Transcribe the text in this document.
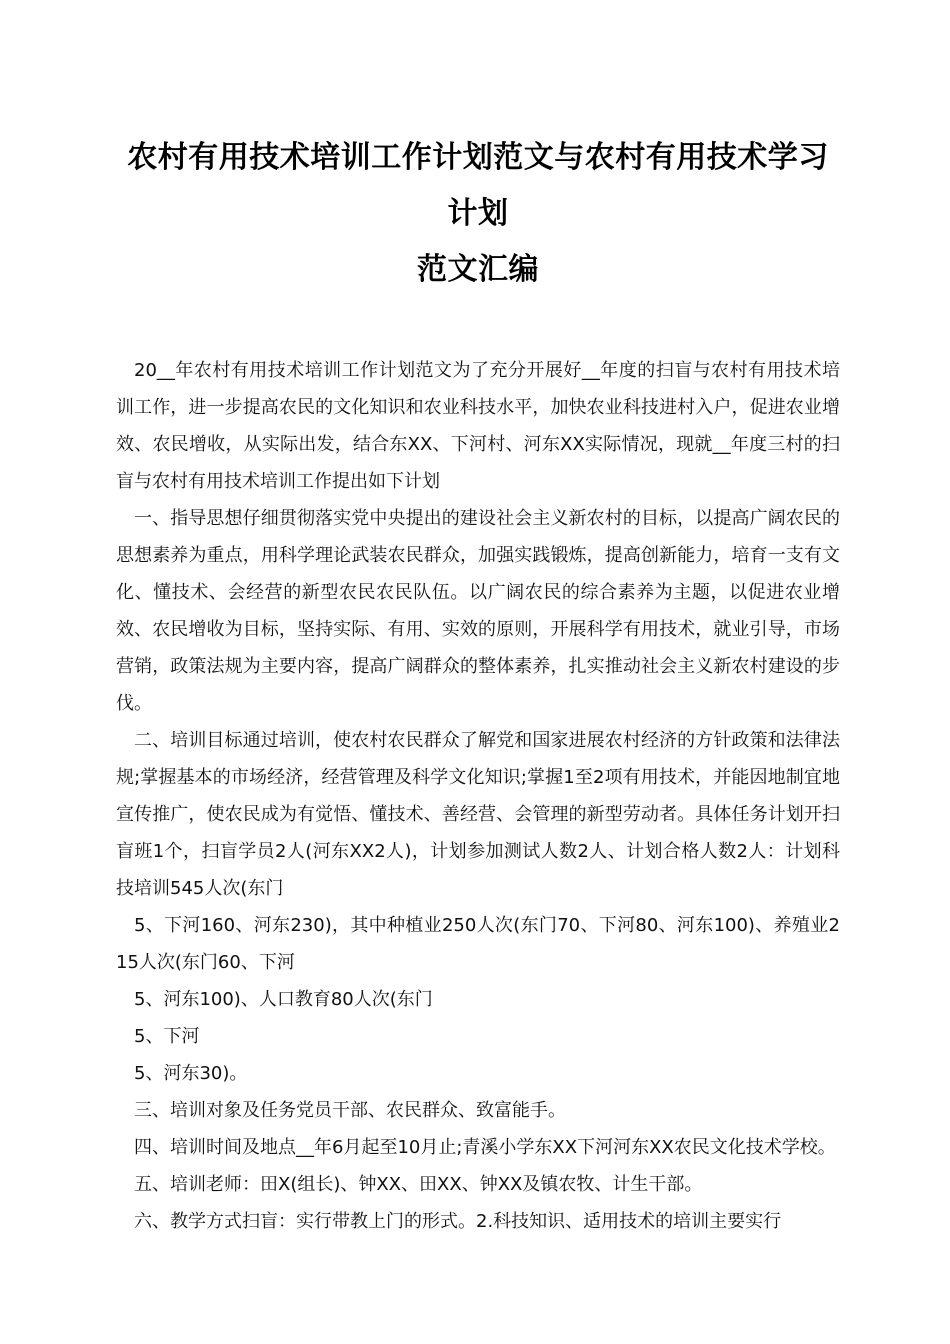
农村有用技术培训工作计划范文与农村有用技术学习计划
范文汇编

20__年农村有用技术培训工作计划范文为了充分开展好__年度的扫盲与农村有用技术培训工作，进一步提高农民的文化知识和农业科技水平，加快农业科技进村入户，促进农业增效、农民增收，从实际出发，结合东XX、下河村、河东XX实际情况，现就__年度三村的扫盲与农村有用技术培训工作提出如下计划

一、指导思想仔细贯彻落实党中央提出的建设社会主义新农村的目标，以提高广阔农民的思想素养为重点，用科学理论武装农民群众，加强实践锻炼，提高创新能力，培育一支有文化、懂技术、会经营的新型农民农民队伍。以广阔农民的综合素养为主题，以促进农业增效、农民增收为目标，坚持实际、有用、实效的原则，开展科学有用技术，就业引导，市场营销，政策法规为主要内容，提高广阔群众的整体素养，扎实推动社会主义新农村建设的步伐。

二、培训目标通过培训，使农村农民群众了解党和国家进展农村经济的方针政策和法律法规;掌握基本的市场经济，经营管理及科学文化知识;掌握1至2项有用技术，并能因地制宜地宣传推广，使农民成为有觉悟、懂技术、善经营、会管理的新型劳动者。具体任务计划开扫盲班1个，扫盲学员2人(河东XX2人)，计划参加测试人数2人、计划合格人数2人：计划科技培训545人次(东门

5、下河160、河东230)，其中种植业250人次(东门70、下河80、河东100)、养殖业215人次(东门60、下河

5、河东100)、人口教育80人次(东门

5、下河

5、河东30)。

三、培训对象及任务党员干部、农民群众、致富能手。

四、培训时间及地点__年6月起至10月止;青溪小学东XX下河河东XX农民文化技术学校。

五、培训老师：田X(组长)、钟XX、田XX、钟XX及镇农牧、计生干部。

六、教学方式扫盲：实行带教上门的形式。2.科技知识、适用技术的培训主要实行
